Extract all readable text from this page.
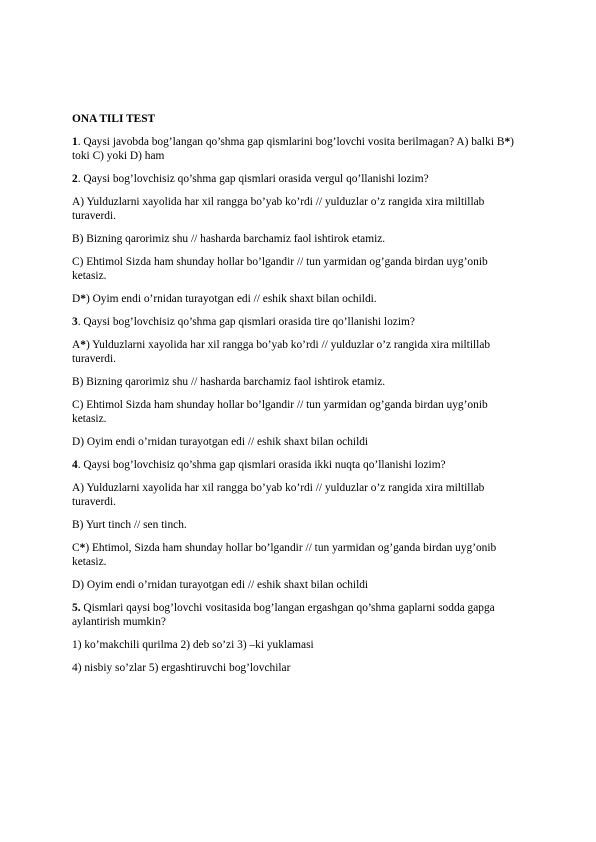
ONA TILI TEST

1. Qaysi javobda bog’langan qo’shma gap qismlarini bog’lovchi vosita berilmagan? A) balki B*) toki C) yoki D) ham

2. Qaysi bog’lovchisiz qo’shma gap qismlari orasida vergul qo’llanishi lozim?

A) Yulduzlarni xayolida har xil rangga bo’yab ko’rdi // yulduzlar o’z rangida xira miltillab turaverdi.

B) Bizning qarorimiz shu // hasharda barchamiz faol ishtirok etamiz.

C) Ehtimol Sizda ham shunday hollar bo’lgandir // tun yarmidan og’ganda birdan uyg’onib ketasiz.

D*) Oyim endi o’rnidan turayotgan edi // eshik shaxt bilan ochildi.

3. Qaysi bog’lovchisiz qo’shma gap qismlari orasida tire qo’llanishi lozim?

A*) Yulduzlarni xayolida har xil rangga bo’yab ko’rdi // yulduzlar o’z rangida xira miltillab turaverdi.

B) Bizning qarorimiz shu // hasharda barchamiz faol ishtirok etamiz.

C) Ehtimol Sizda ham shunday hollar bo’lgandir // tun yarmidan og’ganda birdan uyg’onib ketasiz.

D) Oyim endi o’rnidan turayotgan edi // eshik shaxt bilan ochildi

4. Qaysi bog’lovchisiz qo’shma gap qismlari orasida ikki nuqta qo’llanishi lozim?

A) Yulduzlarni xayolida har xil rangga bo’yab ko’rdi // yulduzlar o’z rangida xira miltillab turaverdi.

B) Yurt tinch // sen tinch.

C*) Ehtimol, Sizda ham shunday hollar bo’lgandir // tun yarmidan og’ganda birdan uyg’onib ketasiz.

D) Oyim endi o’rnidan turayotgan edi // eshik shaxt bilan ochildi

5. Qismlari qaysi bog’lovchi vositasida bog’langan ergashgan qo’shma gaplarni sodda gapga aylantirish mumkin?

1) ko’makchili qurilma 2) deb so’zi 3) –ki yuklamasi

4) nisbiy so’zlar 5) ergashtiruvchi bog’lovchilar
